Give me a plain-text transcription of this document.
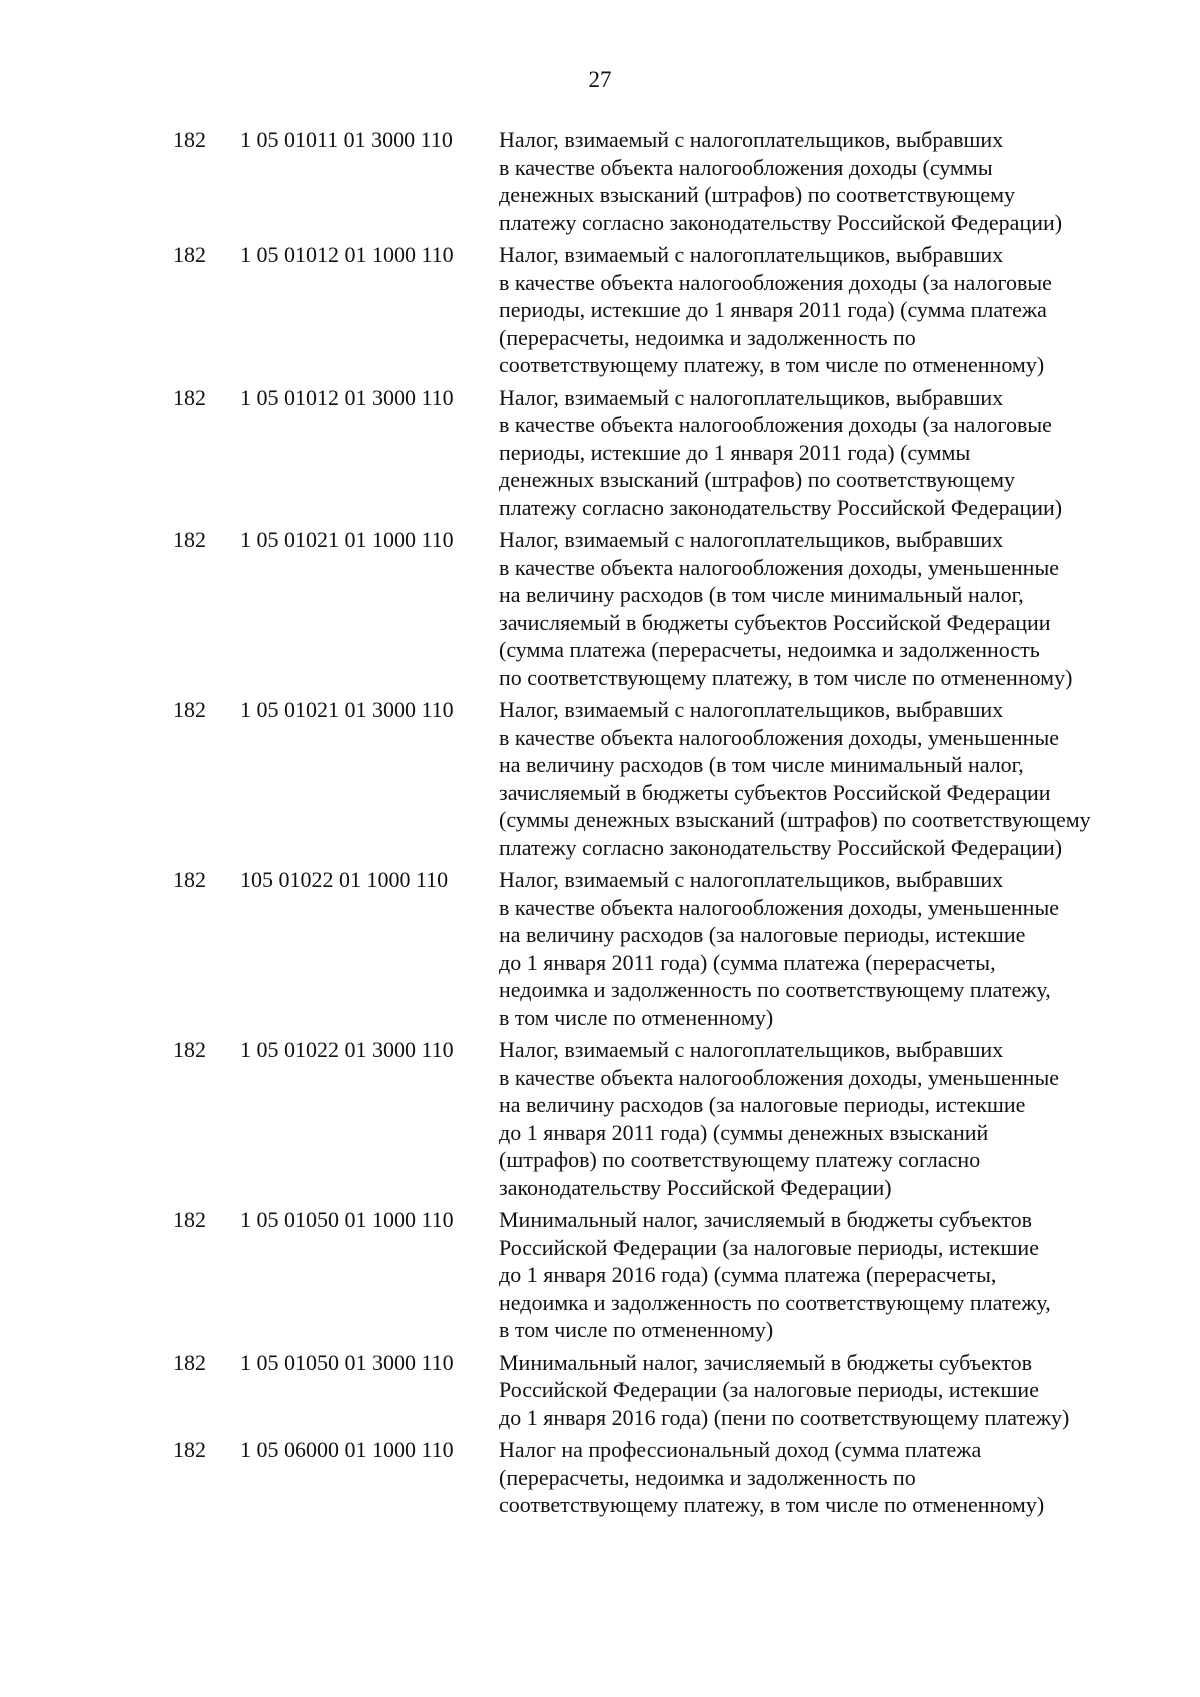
27
182 1 05 01011 01 3000 110 Налог, взимаемый с налогоплательщиков, выбравших
в качестве объекта налогообложения доходы (суммы
денежных взысканий (штрафов) по соответствующему
платежу согласно законодательству Российской Федерации)
182 1 05 01012 01 1000 110 Налог, взимаемый с налогоплательщиков, выбравших
в качестве объекта налогообложения доходы (за налоговые
периоды, истекшие до 1 января 2011 года) (сумма платежа
(перерасчеты, недоимка и задолженность по
соответствующему платежу, в том числе по отмененному)
182 1 05 01012 01 3000 110 Налог, взимаемый с налогоплательщиков, выбравших
в качестве объекта налогообложения доходы (за налоговые
периоды, истекшие до 1 января 2011 года) (суммы
денежных взысканий (штрафов) по соответствующему
платежу согласно законодательству Российской Федерации)
182 1 05 01021 01 1000 110 Налог, взимаемый с налогоплательщиков, выбравших
в качестве объекта налогообложения доходы, уменьшенные
на величину расходов (в том числе минимальный налог,
зачисляемый в бюджеты субъектов Российской Федерации
(сумма платежа (перерасчеты, недоимка и задолженность
по соответствующему платежу, в том числе по отмененному)
182 1 05 01021 01 3000 110 Налог, взимаемый с налогоплательщиков, выбравших
в качестве объекта налогообложения доходы, уменьшенные
на величину расходов (в том числе минимальный налог,
зачисляемый в бюджеты субъектов Российской Федерации
(суммы денежных взысканий (штрафов) по соответствующему
платежу согласно законодательству Российской Федерации)
182 105 01022 01 1000 110 Налог, взимаемый с налогоплательщиков, выбравших
в качестве объекта налогообложения доходы, уменьшенные
на величину расходов (за налоговые периоды, истекшие
до 1 января 2011 года) (сумма платежа (перерасчеты,
недоимка и задолженность по соответствующему платежу,
в том числе по отмененному)
182 1 05 01022 01 3000 110 Налог, взимаемый с налогоплательщиков, выбравших
в качестве объекта налогообложения доходы, уменьшенные
на величину расходов (за налоговые периоды, истекшие
до 1 января 2011 года) (суммы денежных взысканий
(штрафов) по соответствующему платежу согласно
законодательству Российской Федерации)
182 1 05 01050 01 1000 110 Минимальный налог, зачисляемый в бюджеты субъектов
Российской Федерации (за налоговые периоды, истекшие
до 1 января 2016 года) (сумма платежа (перерасчеты,
недоимка и задолженность по соответствующему платежу,
в том числе по отмененному)
182 1 05 01050 01 3000 110 Минимальный налог, зачисляемый в бюджеты субъектов
Российской Федерации (за налоговые периоды, истекшие
до 1 января 2016 года) (пени по соответствующему платежу)
182 1 05 06000 01 1000 110 Налог на профессиональный доход (сумма платежа
(перерасчеты, недоимка и задолженность по
соответствующему платежу, в том числе по отмененному)
